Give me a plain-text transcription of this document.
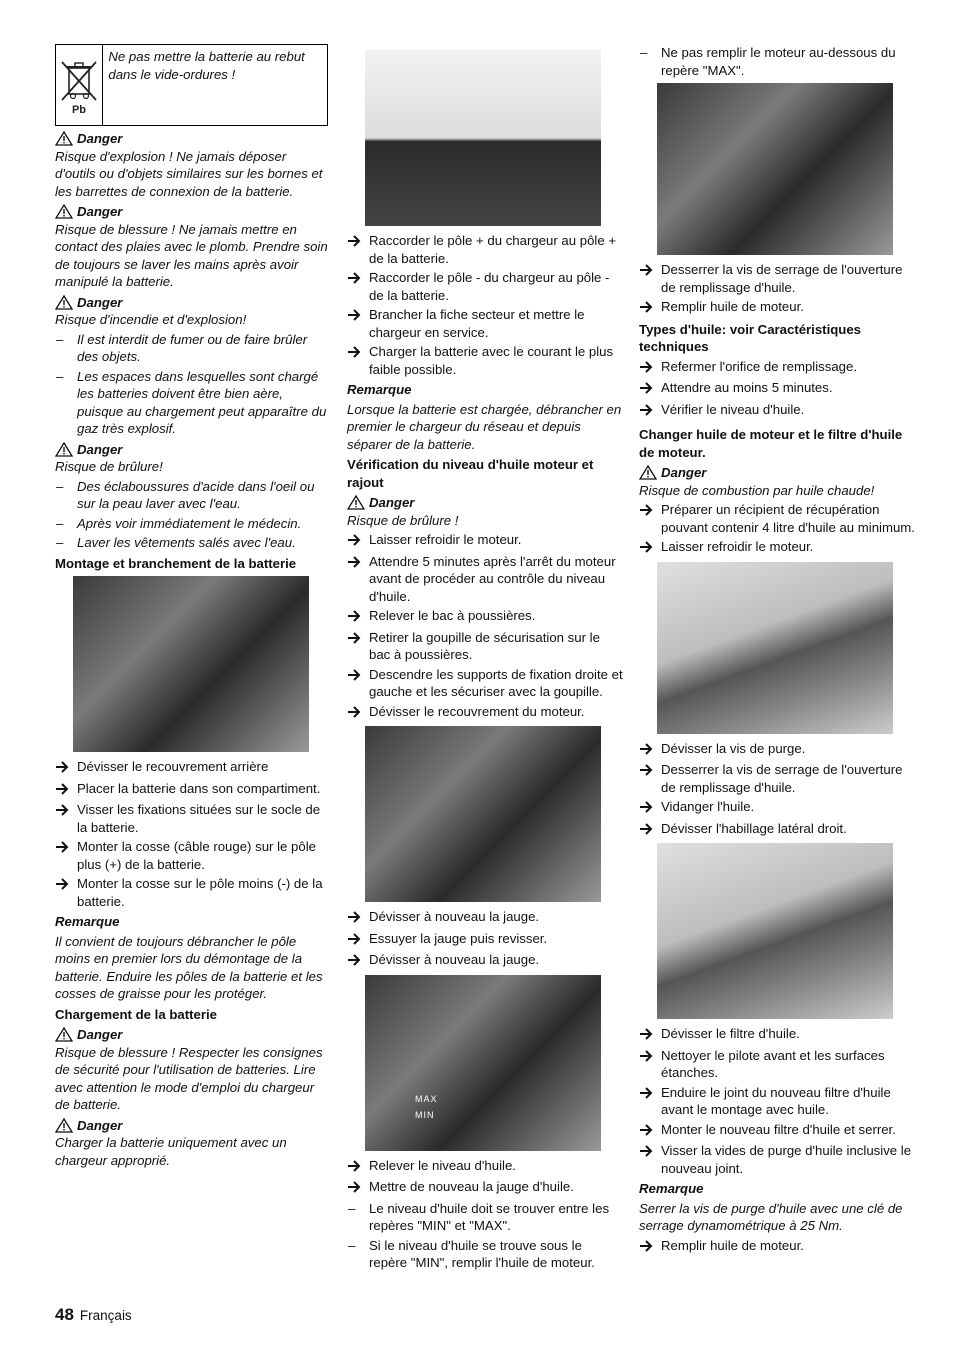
Pb
Ne pas mettre la batterie au rebut dans le vide-ordures !
Danger

Risque d'explosion ! Ne jamais déposer d'outils ou d'objets similaires sur les bornes et les barrettes de connexion de la batterie.

Danger

Risque de blessure ! Ne jamais mettre en contact des plaies avec le plomb. Prendre soin de toujours se laver les mains après avoir manipulé la batterie.

Danger

Risque d'incendie et d'explosion!

–	Il est interdit de fumer ou de faire brûler des objets.
–	Les espaces dans lesquelles sont chargé les batteries doivent être bien aère, puisque au chargement peut apparaître du gaz très explosif.
Danger

Risque de brûlure!

–	Des éclaboussures d'acide dans l'oeil ou sur la peau laver avec l'eau.
–	Après voir immédiatement le médecin.
–	Laver les vêtements salés avec l'eau.

Montage et branchement de la batterie

Dévisser le recouvrement arrière
Placer la batterie dans son compartiment.
Visser les fixations situées sur le socle de la batterie.
Monter la cosse (câble rouge) sur le pôle plus (+) de la batterie.
Monter la cosse sur le pôle moins (-) de la batterie.

Remarque

Il convient de toujours débrancher le pôle moins en premier lors du démontage de la batterie. Enduire les pôles de la batterie et les cosses de graisse pour les protéger.

Chargement de la batterie

Danger

Risque de blessure ! Respecter les consignes de sécurité pour l'utilisation de batteries. Lire avec attention le mode d'emploi du chargeur de batterie.

Danger

Charger la batterie uniquement avec un chargeur approprié.

Raccorder le pôle + du chargeur au pôle + de la batterie.
Raccorder le pôle - du chargeur au pôle - de la batterie.
Brancher la fiche secteur et mettre le chargeur en service.
Charger la batterie avec le courant le plus faible possible.

Remarque

Lorsque la batterie est chargée, débrancher en premier le chargeur du réseau et depuis séparer de la batterie.

Vérification du niveau d'huile moteur et rajout

Danger

Risque de brûlure !

Laisser refroidir le moteur.
Attendre 5 minutes après l'arrêt du moteur avant de procéder au contrôle du niveau d'huile.
Relever le bac à poussières.
Retirer la goupille de sécurisation sur le bac à poussières.
Descendre les supports de fixation droite et gauche et les sécuriser avec la goupille.
Dévisser le recouvrement du moteur.
Dévisser à nouveau la jauge.
Essuyer la jauge puis revisser.
Dévisser à nouveau la jauge.
MAX
MIN
Relever le niveau d'huile.
Mettre de nouveau la jauge d'huile.
–	Le niveau d'huile doit se trouver entre les repères "MIN" et "MAX".
–	Si le niveau d'huile se trouve sous le repère "MIN", remplir l'huile de moteur.
–	Ne pas remplir le moteur au-dessous du repère "MAX".
Desserrer la vis de serrage de l'ouverture de remplissage d'huile.
Remplir huile de moteur.

Types d'huile: voir Caractéristiques techniques

Refermer l'orifice de remplissage.
Attendre au moins 5 minutes.
Vérifier le niveau d'huile.

Changer huile de moteur et le filtre d'huile de moteur.

Danger

Risque de combustion par huile chaude!

Préparer un récipient de récupération pouvant contenir 4 litre d'huile au minimum.
Laisser refroidir le moteur.
Dévisser la vis de purge.
Desserrer la vis de serrage de l'ouverture de remplissage d'huile.
Vidanger l'huile.
Dévisser l'habillage latéral droit.
Dévisser le filtre d'huile.
Nettoyer le pilote avant et les surfaces étanches.
Enduire le joint du nouveau filtre d'huile avant le montage avec huile.
Monter le nouveau filtre d'huile et serrer.
Visser la vides de purge d'huile inclusive le nouveau joint.

Remarque

Serrer la vis de purge d'huile avec une clé de serrage dynamométrique à 25 Nm.

Remplir huile de moteur.
48 Français
